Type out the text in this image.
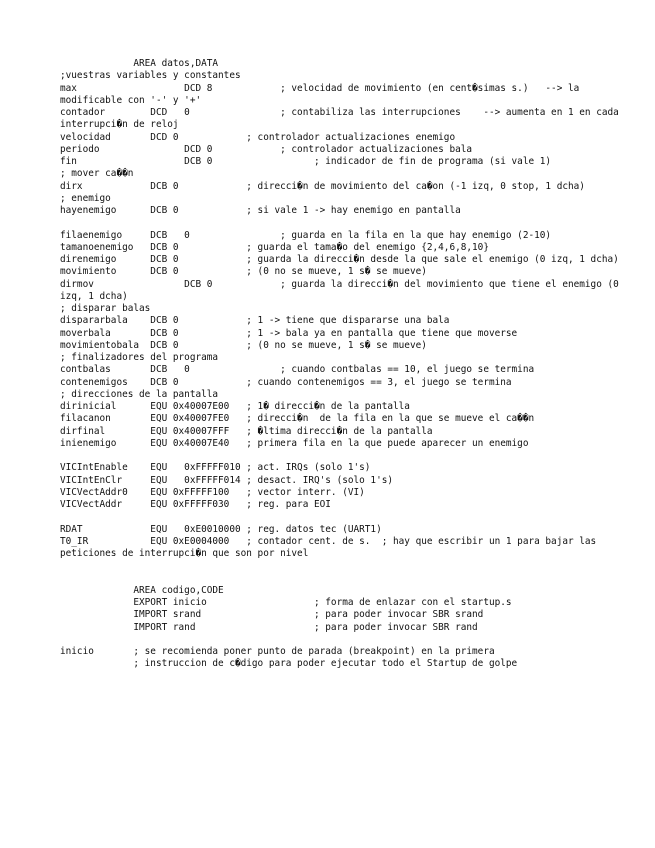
AREA datos,DATA
;vuestras variables y constantes
max                   DCD 8            ; velocidad de movimiento (en cent�simas s.)   --> la modificable con '-' y '+'
contador        DCD   0                ; contabiliza las interrupciones    --> aumenta en 1 en cada interrupci�n de reloj
velocidad       DCD 0            ; controlador actualizaciones enemigo
periodo               DCD 0            ; controlador actualizaciones bala
fin                   DCB 0                  ; indicador de fin de programa (si vale 1)
; mover ca��n
dirx            DCB 0            ; direcci�n de movimiento del ca�on (-1 izq, 0 stop, 1 dcha)
; enemigo
hayenemigo      DCB 0            ; si vale 1 -> hay enemigo en pantalla
filaenemigo     DCB   0                ; guarda en la fila en la que hay enemigo (2-10)
tamanoenemigo   DCB 0            ; guarda el tama�o del enemigo {2,4,6,8,10}
direnemigo      DCB 0            ; guarda la direcci�n desde la que sale el enemigo (0 izq, 1 dcha)
movimiento      DCB 0            ; (0 no se mueve, 1 s� se mueve)
dirmov                DCB 0            ; guarda la direcci�n del movimiento que tiene el enemigo (0 izq, 1 dcha)
; disparar balas
dispararbala    DCB 0            ; 1 -> tiene que dispararse una bala
moverbala       DCB 0            ; 1 -> bala ya en pantalla que tiene que moverse
movimientobala  DCB 0            ; (0 no se mueve, 1 s� se mueve)
; finalizadores del programa
contbalas       DCB   0                ; cuando contbalas == 10, el juego se termina
contenemigos    DCB 0            ; cuando contenemigos == 3, el juego se termina
; direcciones de la pantalla
dirinicial      EQU 0x40007E00   ; 1� direcci�n de la pantalla
filacanon       EQU 0x40007FE0   ; direcci�n  de la fila en la que se mueve el ca��n
dirfinal        EQU 0x40007FFF   ; �ltima direcci�n de la pantalla
inienemigo      EQU 0x40007E40   ; primera fila en la que puede aparecer un enemigo
VICIntEnable    EQU   0xFFFFF010 ; act. IRQs (solo 1's)
VICIntEnClr     EQU   0xFFFFF014 ; desact. IRQ's (solo 1's)
VICVectAddr0    EQU 0xFFFFF100   ; vector interr. (VI)
VICVectAddr     EQU 0xFFFFF030   ; reg. para EOI
RDAT            EQU   0xE0010000 ; reg. datos tec (UART1)
T0_IR           EQU 0xE0004000   ; contador cent. de s.  ; hay que escribir un 1 para bajar las peticiones de interrupci�n que son por nivel
AREA codigo,CODE
EXPORT inicio                   ; forma de enlazar con el startup.s
IMPORT srand                    ; para poder invocar SBR srand
IMPORT rand                     ; para poder invocar SBR rand
inicio       ; se recomienda poner punto de parada (breakpoint) en la primera
; instruccion de c�digo para poder ejecutar todo el Startup de golpe
